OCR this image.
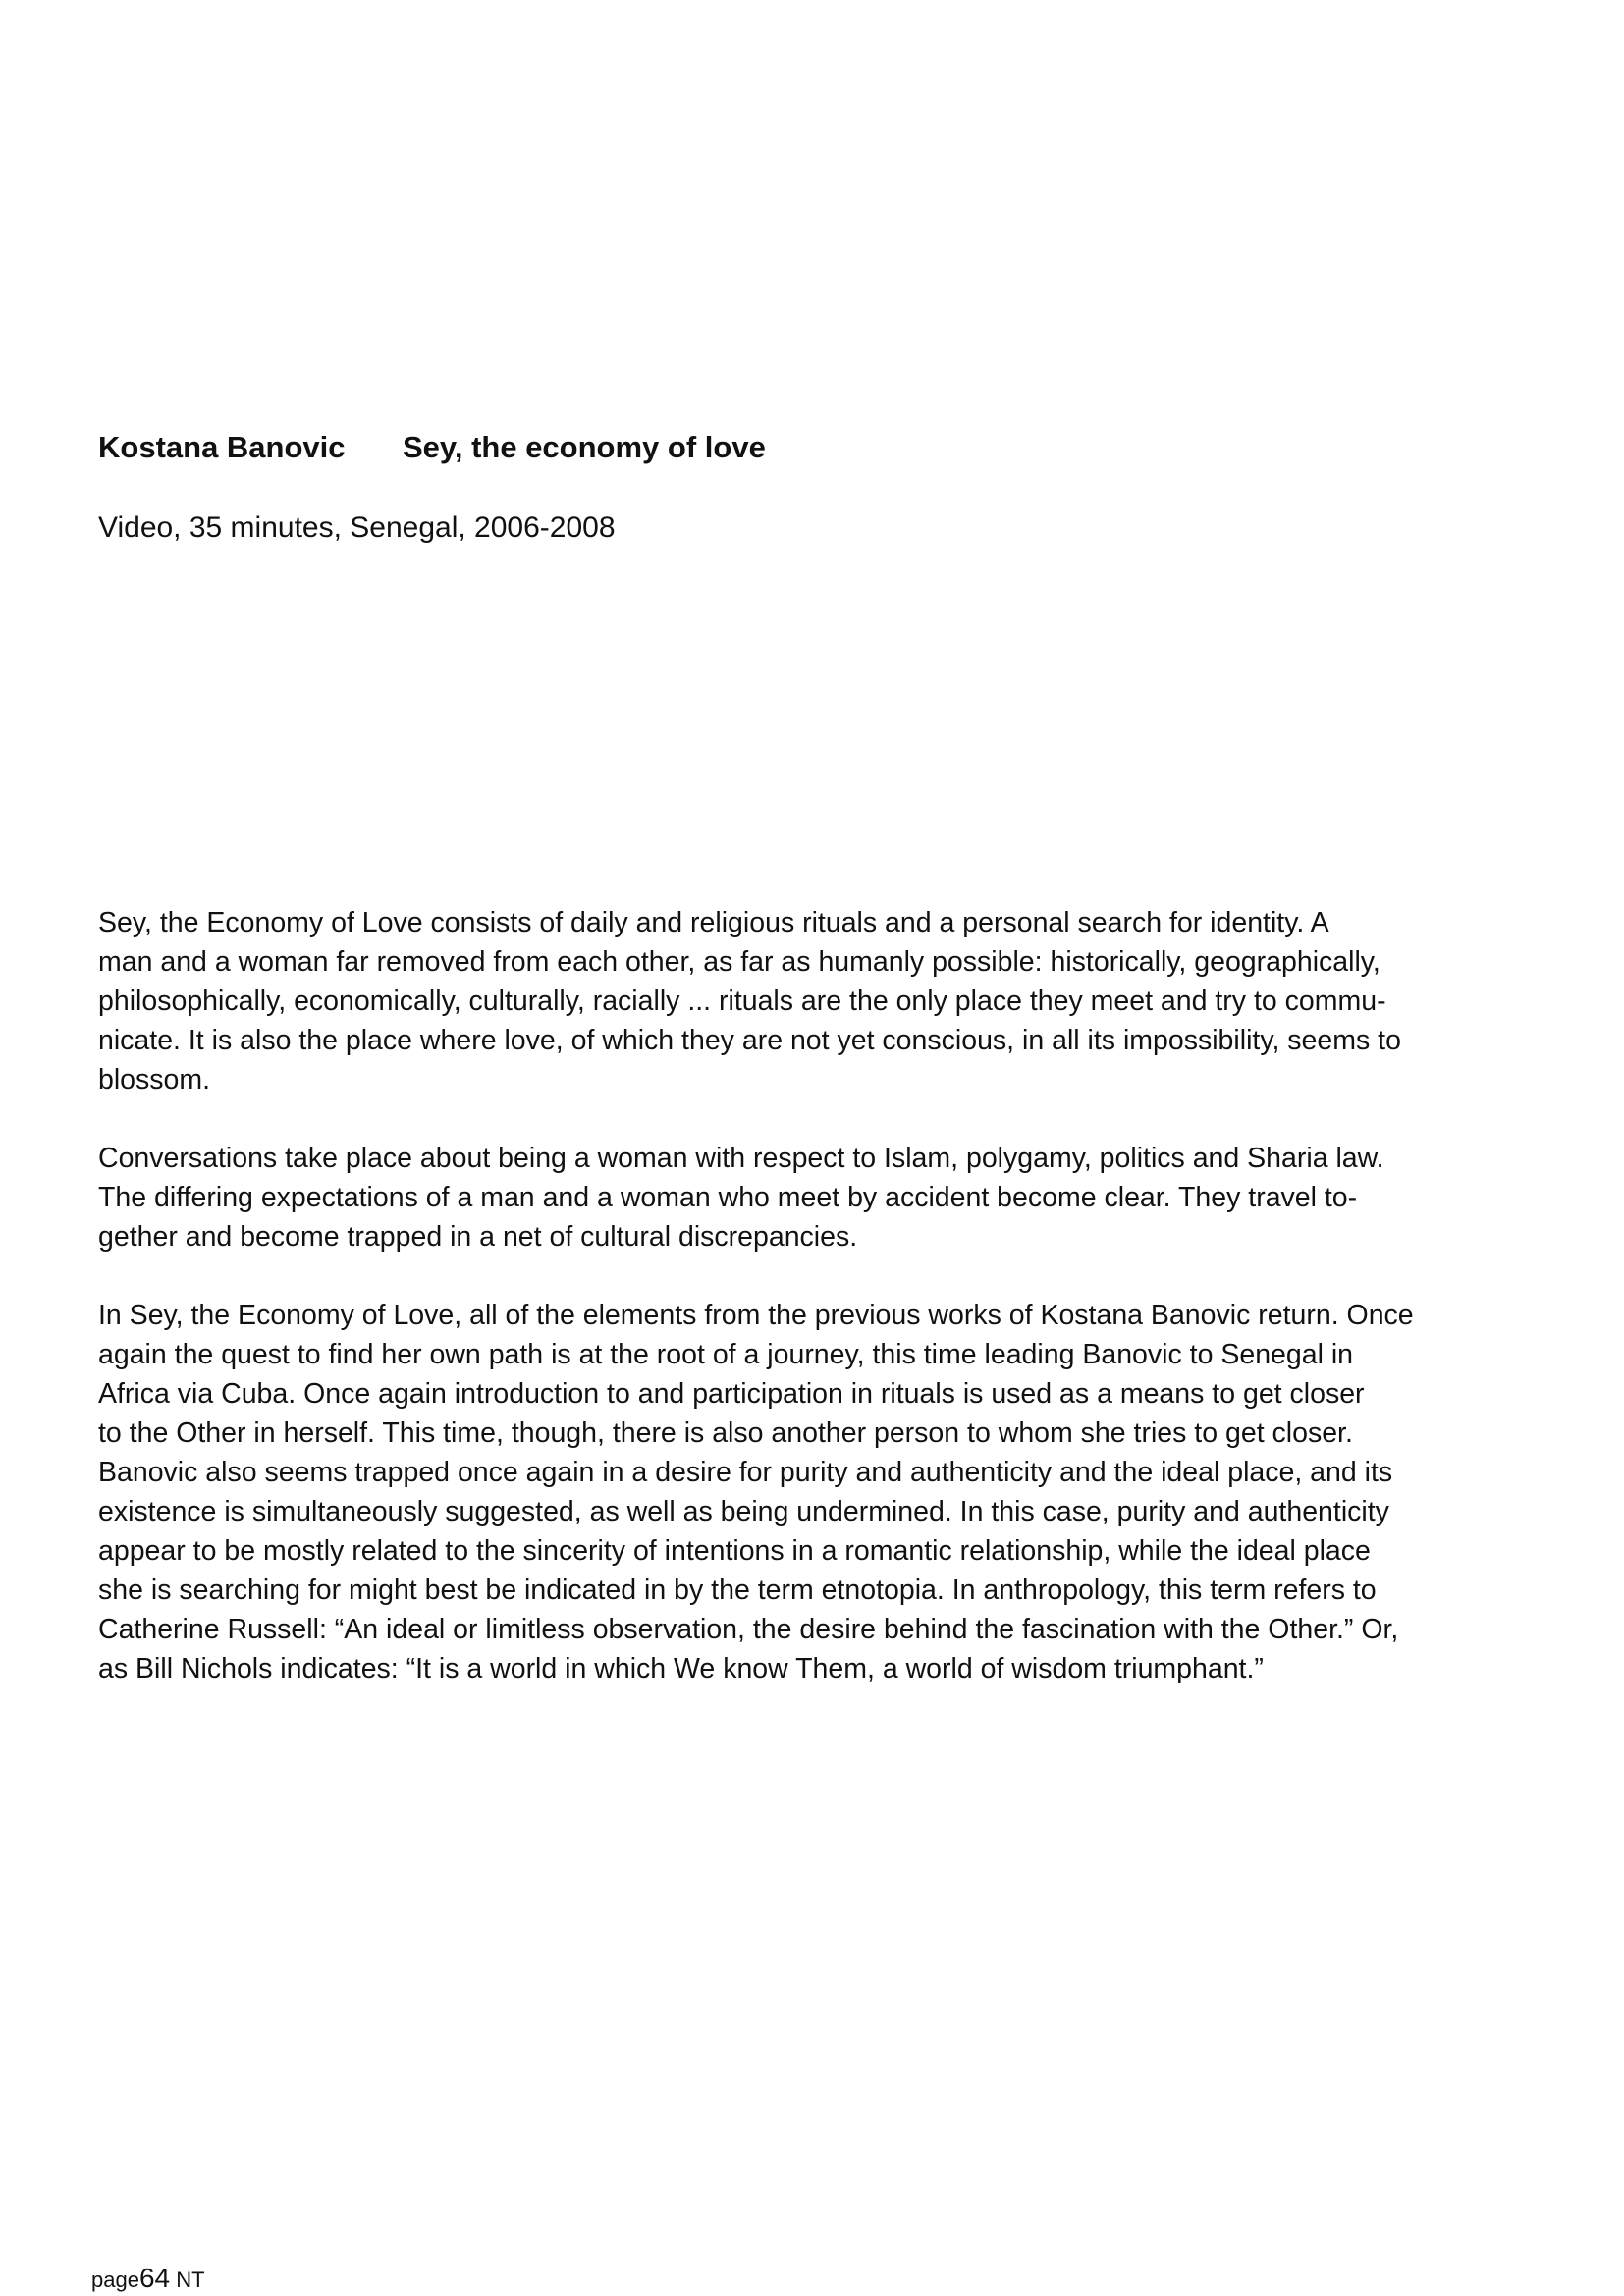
Kostana Banovic Sey, the economy of love
Video, 35 minutes, Senegal, 2006-2008

Sey, the Economy of Love consists of daily and religious rituals and a personal search for identity. A
man and a woman far removed from each other, as far as humanly possible: historically, geographically,
philosophically, economically, culturally, racially ... rituals are the only place they meet and try to commu-
nicate. It is also the place where love, of which they are not yet conscious, in all its impossibility, seems to
blossom.

Conversations take place about being a woman with respect to Islam, polygamy, politics and Sharia law.
The differing expectations of a man and a woman who meet by accident become clear. They travel to-
gether and become trapped in a net of cultural discrepancies.

In Sey, the Economy of Love, all of the elements from the previous works of Kostana Banovic return. Once
again the quest to find her own path is at the root of a journey, this time leading Banovic to Senegal in
Africa via Cuba. Once again introduction to and participation in rituals is used as a means to get closer
to the Other in herself. This time, though, there is also another person to whom she tries to get closer.
Banovic also seems trapped once again in a desire for purity and authenticity and the ideal place, and its
existence is simultaneously suggested, as well as being undermined. In this case, purity and authenticity
appear to be mostly related to the sincerity of intentions in a romantic relationship, while the ideal place
she is searching for might best be indicated in by the term etnotopia. In anthropology, this term refers to
Catherine Russell: “An ideal or limitless observation, the desire behind the fascination with the Other.” Or,
as Bill Nichols indicates: “It is a world in which We know Them, a world of wisdom triumphant.”

page64 NT
